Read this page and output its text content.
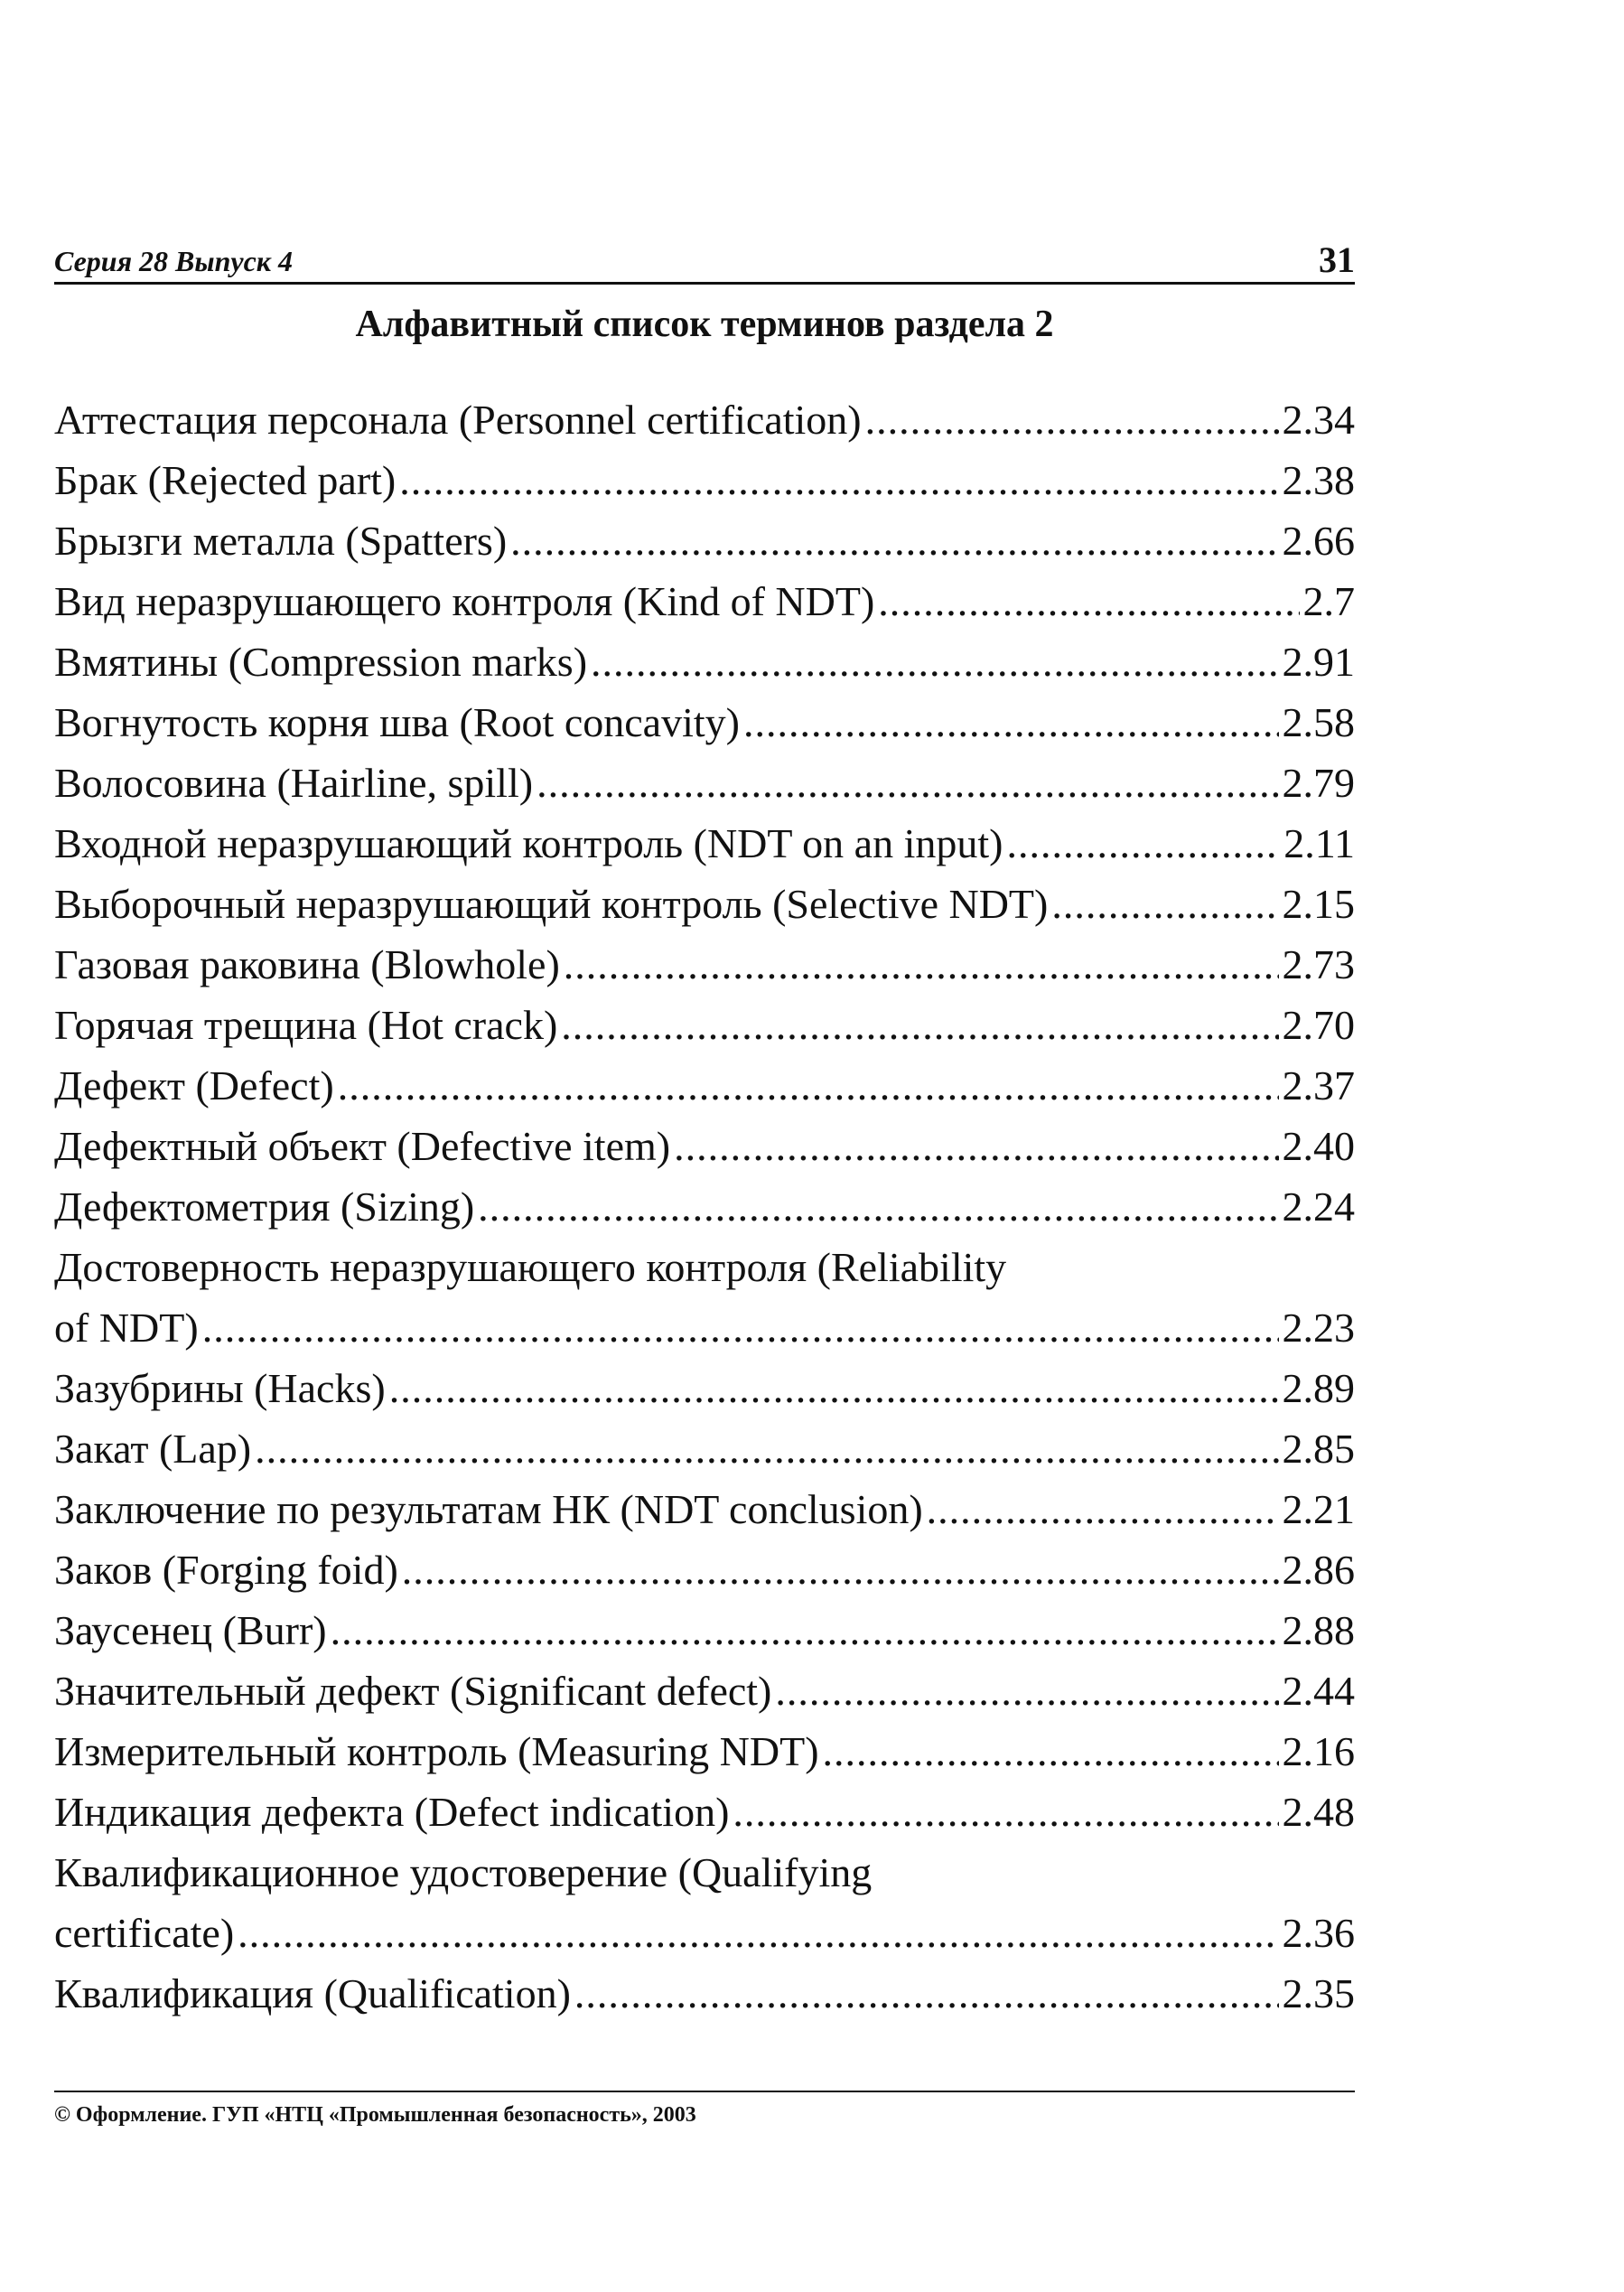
Серия 28 Выпуск 4	31
Алфавитный список терминов раздела 2
Аттестация персонала (Personnel certification) .....	2.34
Брак (Rejected part) .....	2.38
Брызги металла (Spatters) .....	2.66
Вид неразрушающего контроля (Kind of NDT) .....	2.7
Вмятины (Compression marks) .....	2.91
Вогнутость корня шва (Root concavity) .....	2.58
Волосовина (Hairline, spill) .....	2.79
Входной неразрушающий контроль (NDT on an input) .....	2.11
Выборочный неразрушающий контроль (Selective NDT) .....	2.15
Газовая раковина (Blowhole) .....	2.73
Горячая трещина (Hot crack) .....	2.70
Дефект (Defect) .....	2.37
Дефектный объект (Defective item) .....	2.40
Дефектометрия (Sizing) .....	2.24
Достоверность неразрушающего контроля (Reliability
of NDT) .....	2.23
Зазубрины (Hacks) .....	2.89
Закат (Lap) .....	2.85
Заключение по результатам НК (NDT conclusion) .....	2.21
Заков (Forging foid) .....	2.86
Заусенец (Burr) .....	2.88
Значительный дефект (Significant defect) .....	2.44
Измерительный контроль (Measuring NDT) .....	2.16
Индикация дефекта (Defect indication) .....	2.48
Квалификационное удостоверение (Qualifying
certificate) .....	2.36
Квалификация (Qualification) .....	2.35
© Оформление. ГУП «НТЦ «Промышленная безопасность», 2003
